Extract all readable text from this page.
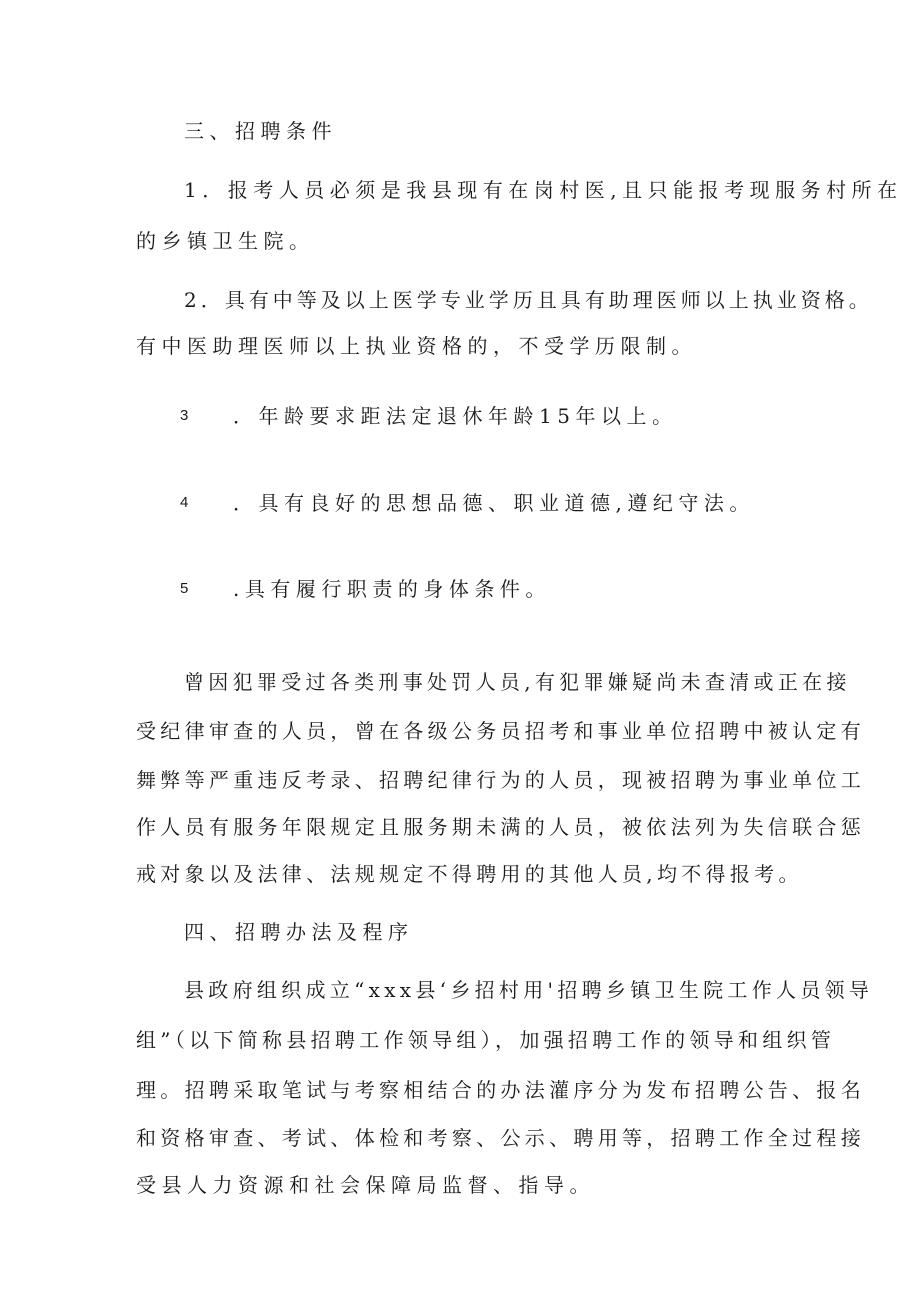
三、招聘条件

1．报考人员必须是我县现有在岗村医,且只能报考现服务村所在

的乡镇卫生院。

2．具有中等及以上医学专业学历且具有助理医师以上执业资格。

有中医助理医师以上执业资格的，不受学历限制。

3 ．年龄要求距法定退休年龄15年以上。

4 ．具有良好的思想品德、职业道德,遵纪守法。

5 .具有履行职责的身体条件。

曾因犯罪受过各类刑事处罚人员,有犯罪嫌疑尚未查清或正在接

受纪律审查的人员，曾在各级公务员招考和事业单位招聘中被认定有

舞弊等严重违反考录、招聘纪律行为的人员，现被招聘为事业单位工

作人员有服务年限规定且服务期未满的人员，被依法列为失信联合惩

戒对象以及法律、法规规定不得聘用的其他人员,均不得报考。

四、招聘办法及程序

县政府组织成立“xxx县‘乡招村用'招聘乡镇卫生院工作人员领导

组”（以下简称县招聘工作领导组），加强招聘工作的领导和组织管

理。招聘采取笔试与考察相结合的办法灌序分为发布招聘公告、报名

和资格审查、考试、体检和考察、公示、聘用等，招聘工作全过程接

受县人力资源和社会保障局监督、指导。
